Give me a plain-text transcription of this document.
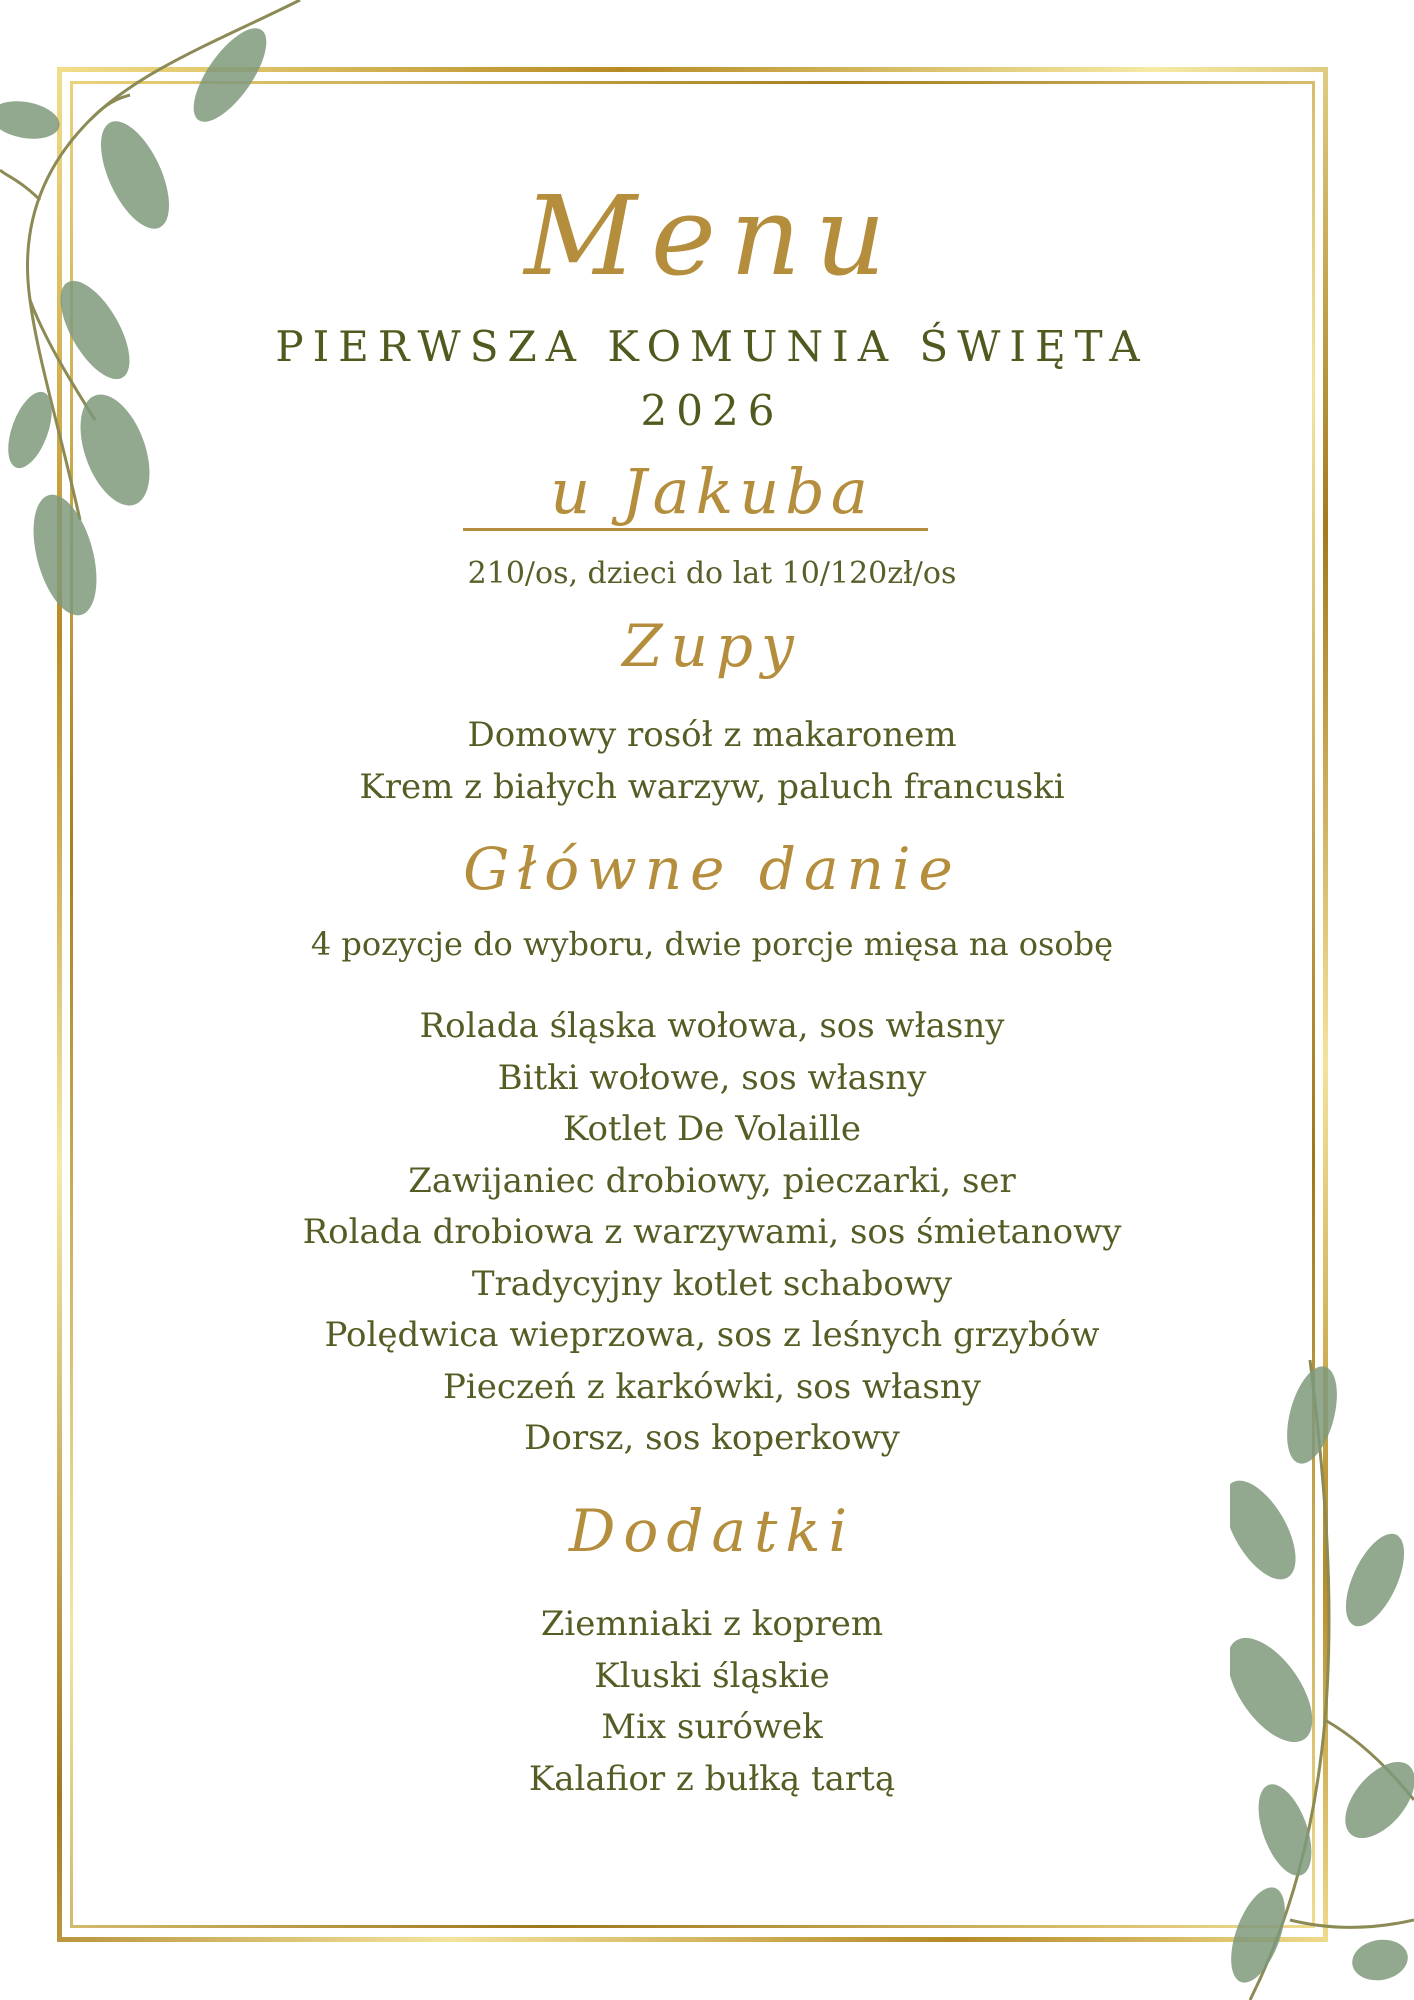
Menu
PIERWSZA KOMUNIA ŚWIĘTA
2026
u Jakuba
210/os, dzieci do lat 10/120zł/os
Zupy
Domowy rosół z makaronem
Krem z białych warzyw, paluch francuski
Główne danie
4 pozycje do wyboru, dwie porcje mięsa na osobę
Rolada śląska wołowa, sos własny
Bitki wołowe, sos własny
Kotlet De Volaille
Zawijaniec drobiowy, pieczarki, ser
Rolada drobiowa z warzywami, sos śmietanowy
Tradycyjny kotlet schabowy
Polędwica wieprzowa, sos z leśnych grzybów
Pieczeń z karkówki, sos własny
Dorsz, sos koperkowy
Dodatki
Ziemniaki z koprem
Kluski śląskie
Mix surówek
Kalafior z bułką tartą
